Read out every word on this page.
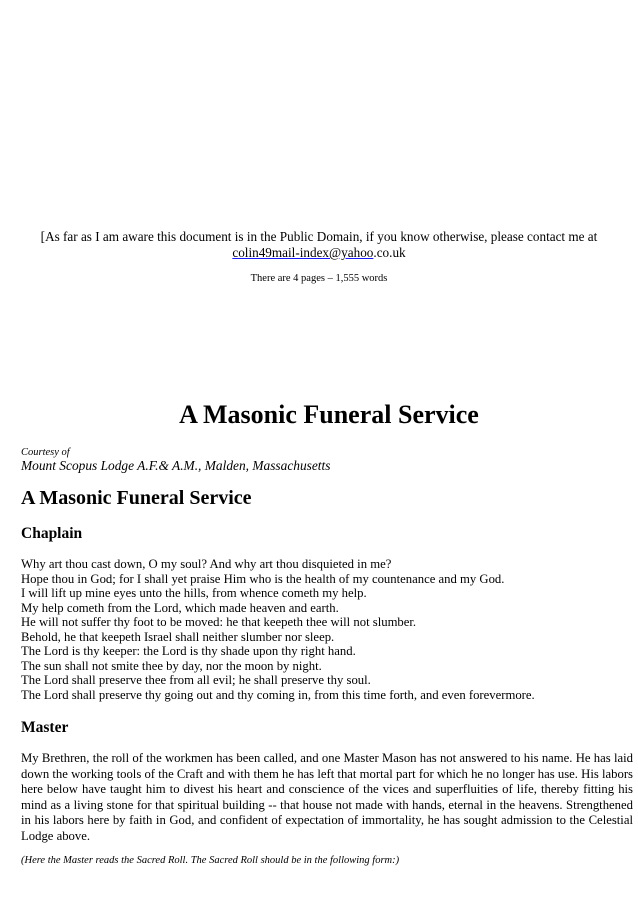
[As far as I am aware this document is in the Public Domain, if you know otherwise, please contact me at
colin49mail-index@yahoo.co.uk
There are 4 pages – 1,555 words
A Masonic Funeral Service
Courtesy of
Mount Scopus Lodge A.F.& A.M., Malden, Massachusetts
A Masonic Funeral Service
Chaplain
Why art thou cast down, O my soul? And why art thou disquieted in me?
Hope thou in God; for I shall yet praise Him who is the health of my countenance and my God.
I will lift up mine eyes unto the hills, from whence cometh my help.
My help cometh from the Lord, which made heaven and earth.
He will not suffer thy foot to be moved: he that keepeth thee will not slumber.
Behold, he that keepeth Israel shall neither slumber nor sleep.
The Lord is thy keeper: the Lord is thy shade upon thy right hand.
The sun shall not smite thee by day, nor the moon by night.
The Lord shall preserve thee from all evil; he shall preserve thy soul.
The Lord shall preserve thy going out and thy coming in, from this time forth, and even forevermore.
Master

My Brethren, the roll of the workmen has been called, and one Master Mason has not answered to his name. He has laid down the working tools of the Craft and with them he has left that mortal part for which he no longer has use. His labors here below have taught him to divest his heart and conscience of the vices and superfluities of life, thereby fitting his mind as a living stone for that spiritual building -- that house not made with hands, eternal in the heavens. Strengthened in his labors here by faith in God, and confident of expectation of immortality, he has sought admission to the Celestial Lodge above.

(Here the Master reads the Sacred Roll. The Sacred Roll should be in the following form:)
